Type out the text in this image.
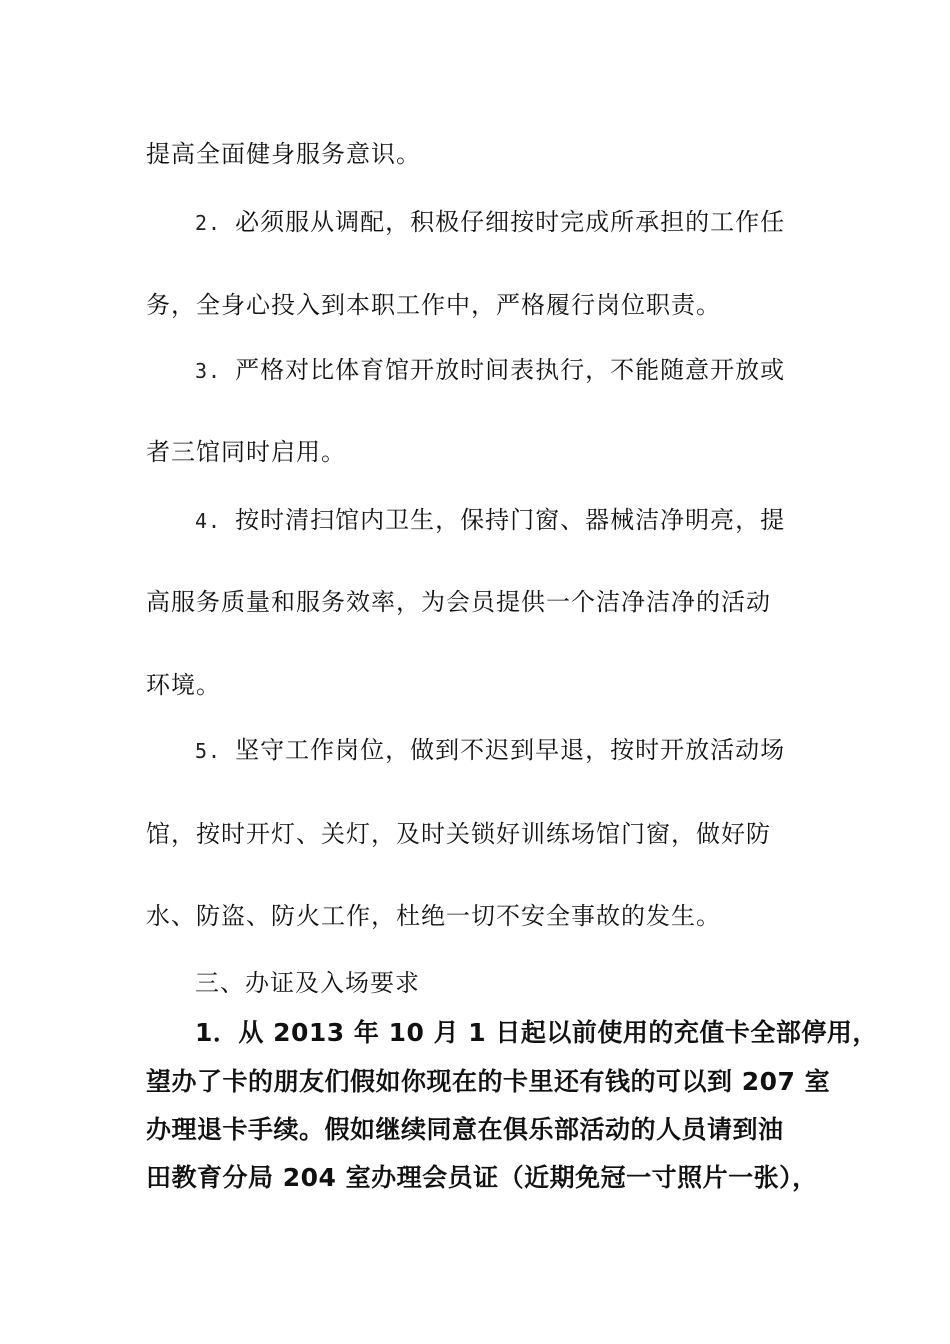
提高全面健身服务意识。
2. 必须服从调配，积极仔细按时完成所承担的工作任
务，全身心投入到本职工作中，严格履行岗位职责。
3. 严格对比体育馆开放时间表执行，不能随意开放或
者三馆同时启用。
4. 按时清扫馆内卫生，保持门窗、器械洁净明亮，提
高服务质量和服务效率，为会员提供一个洁净洁净的活动
环境。
5. 坚守工作岗位，做到不迟到早退，按时开放活动场
馆，按时开灯、关灯，及时关锁好训练场馆门窗，做好防
水、防盗、防火工作，杜绝一切不安全事故的发生。
三、办证及入场要求
1．从 2013 年 10 月 1 日起以前使用的充值卡全部停用，
望办了卡的朋友们假如你现在的卡里还有钱的可以到 207 室
办理退卡手续。假如继续同意在俱乐部活动的人员请到油
田教育分局 204 室办理会员证（近期免冠一寸照片一张），
